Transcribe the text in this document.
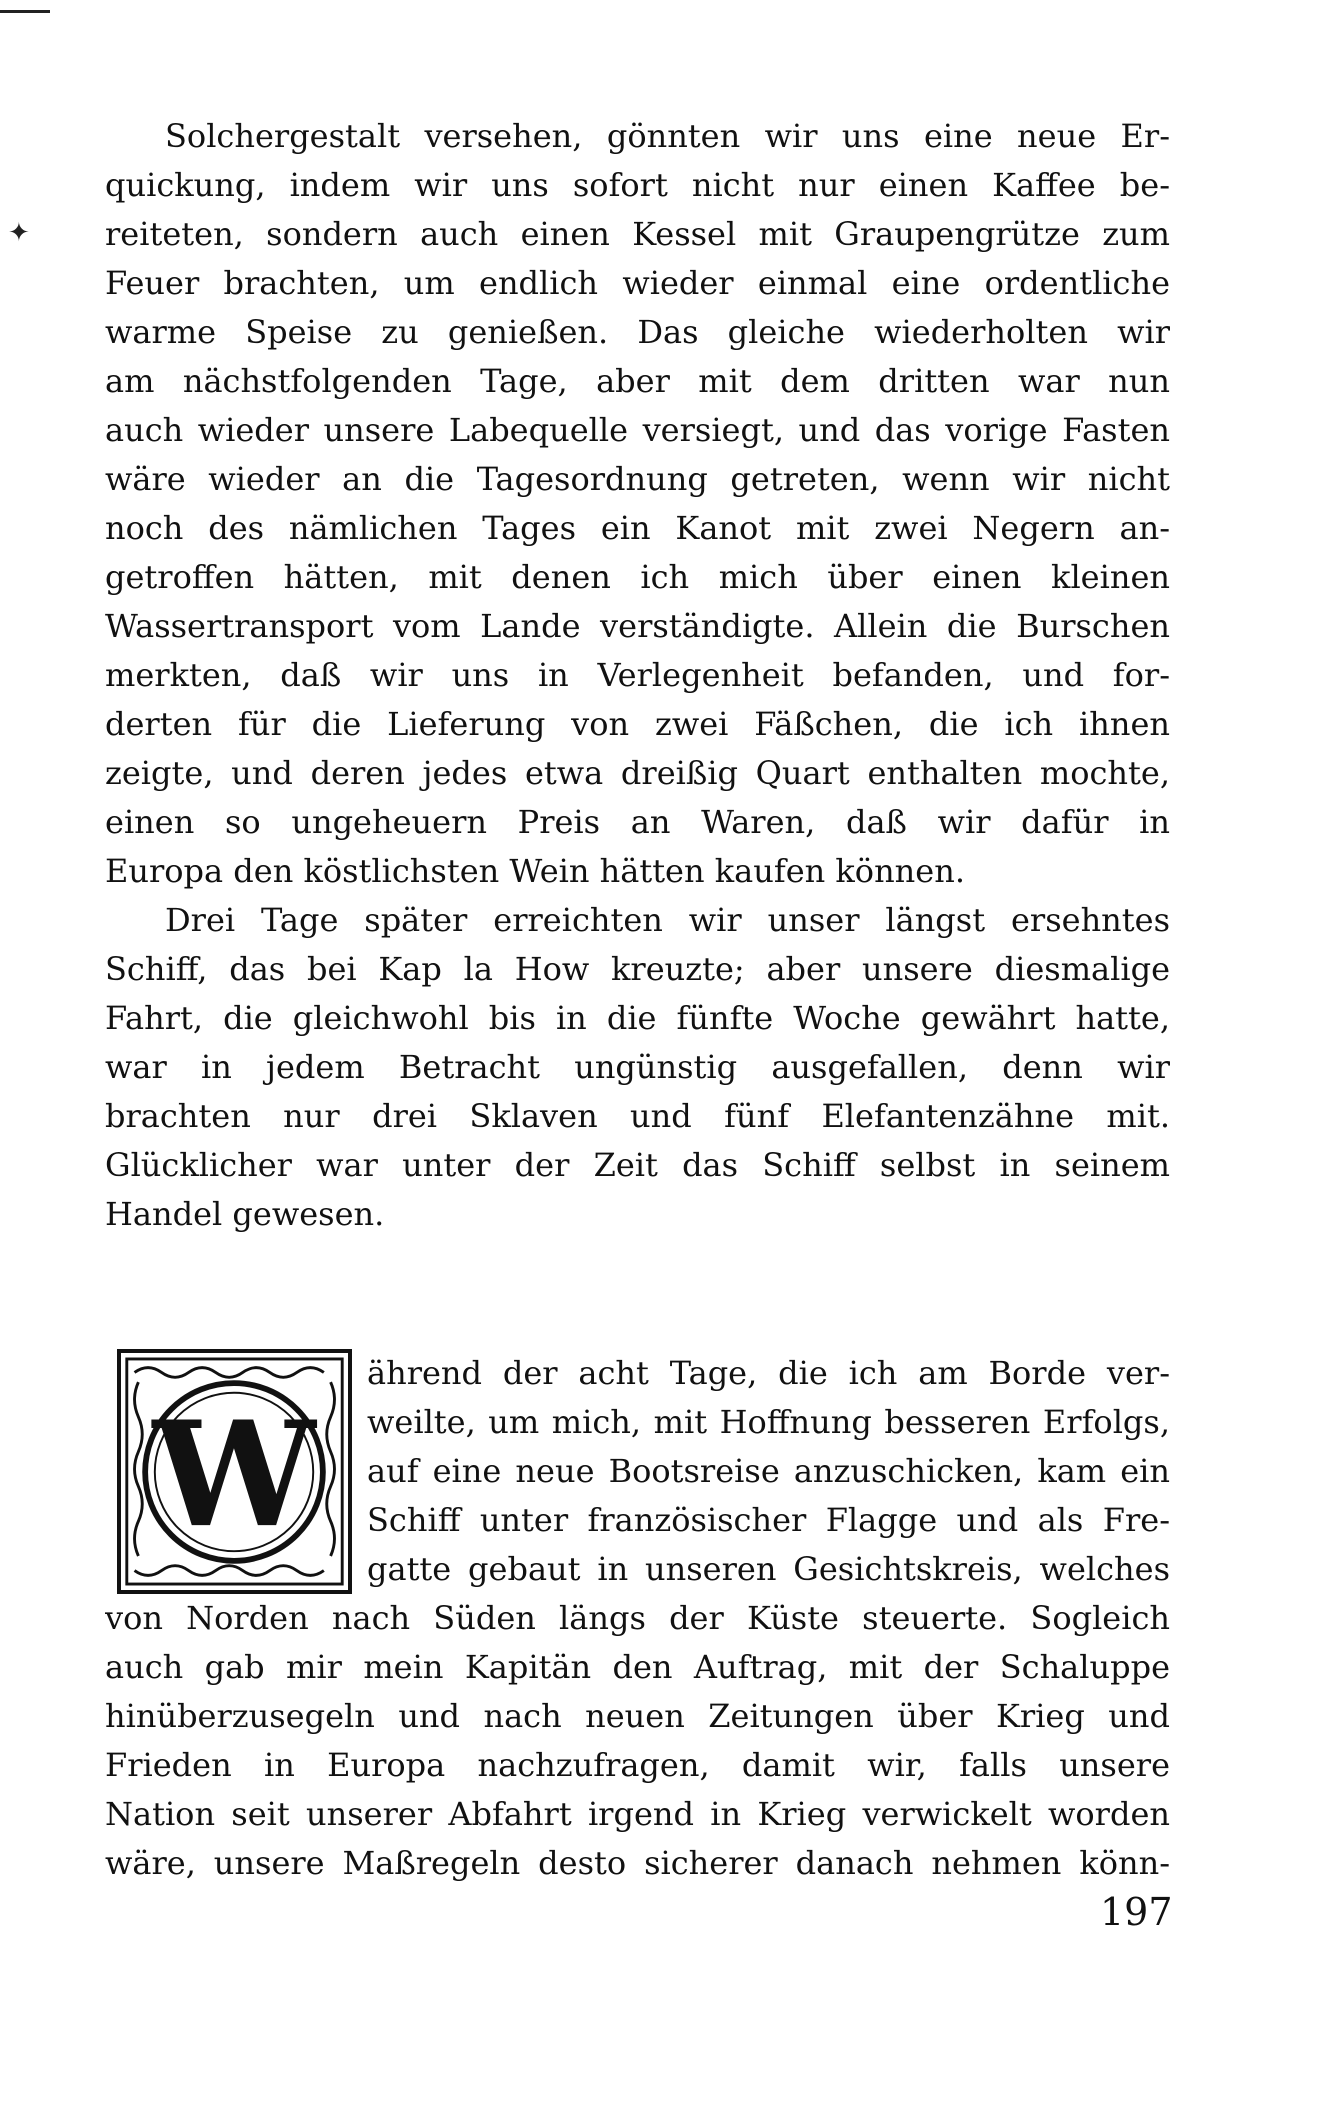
✦
Solchergestalt versehen, gönnten wir uns eine neue Er-
quickung, indem wir uns sofort nicht nur einen Kaffee be-
reiteten, sondern auch einen Kessel mit Graupengrütze zum
Feuer brachten, um endlich wieder einmal eine ordentliche
warme Speise zu genießen. Das gleiche wiederholten wir
am nächstfolgenden Tage, aber mit dem dritten war nun
auch wieder unsere Labequelle versiegt, und das vorige Fasten
wäre wieder an die Tagesordnung getreten, wenn wir nicht
noch des nämlichen Tages ein Kanot mit zwei Negern an-
getroffen hätten, mit denen ich mich über einen kleinen
Wassertransport vom Lande verständigte. Allein die Burschen
merkten, daß wir uns in Verlegenheit befanden, und for-
derten für die Lieferung von zwei Fäßchen, die ich ihnen
zeigte, und deren jedes etwa dreißig Quart enthalten mochte,
einen so ungeheuern Preis an Waren, daß wir dafür in
Europa den köstlichsten Wein hätten kaufen können.
Drei Tage später erreichten wir unser längst ersehntes
Schiff, das bei Kap la How kreuzte; aber unsere diesmalige
Fahrt, die gleichwohl bis in die fünfte Woche gewährt hatte,
war in jedem Betracht ungünstig ausgefallen, denn wir
brachten nur drei Sklaven und fünf Elefantenzähne mit.
Glücklicher war unter der Zeit das Schiff selbst in seinem
Handel gewesen.
W
ährend der acht Tage, die ich am Borde ver-
weilte, um mich, mit Hoffnung besseren Erfolgs,
auf eine neue Bootsreise anzuschicken, kam ein
Schiff unter französischer Flagge und als Fre-
gatte gebaut in unseren Gesichtskreis, welches
von Norden nach Süden längs der Küste steuerte. Sogleich
auch gab mir mein Kapitän den Auftrag, mit der Schaluppe
hinüberzusegeln und nach neuen Zeitungen über Krieg und
Frieden in Europa nachzufragen, damit wir, falls unsere
Nation seit unserer Abfahrt irgend in Krieg verwickelt worden
wäre, unsere Maßregeln desto sicherer danach nehmen könn-
197
